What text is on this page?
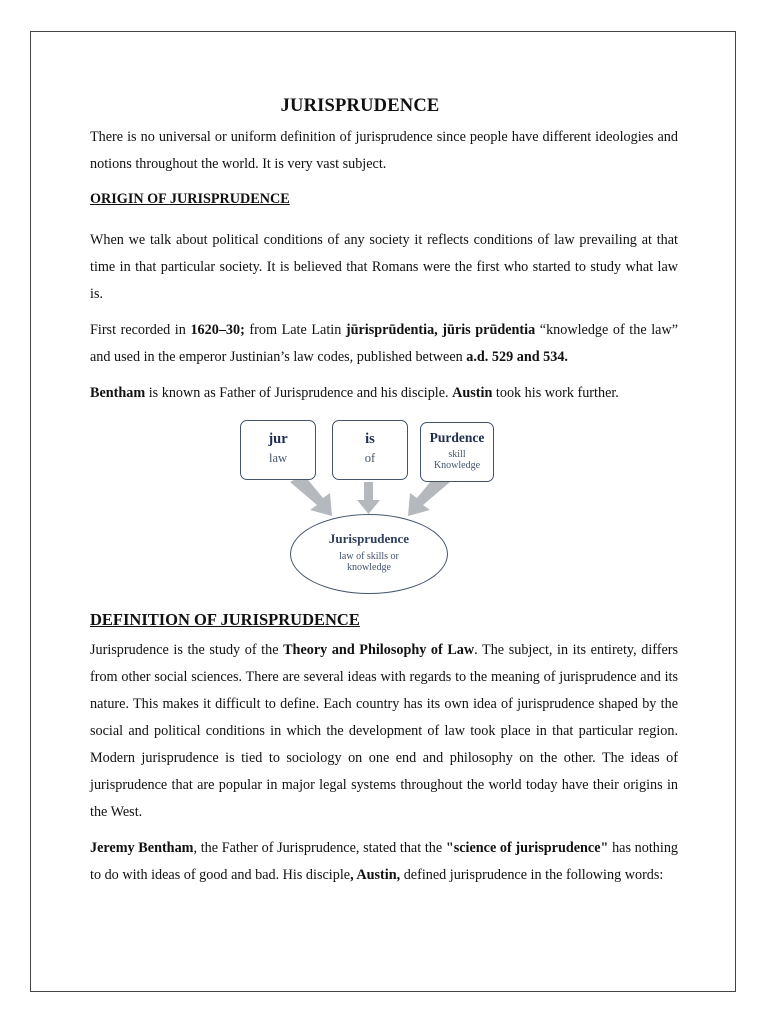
JURISPRUDENCE
There is no universal or uniform definition of jurisprudence since people have different ideologies and notions throughout the world. It is very vast subject.
ORIGIN OF JURISPRUDENCE
When we talk about political conditions of any society it reflects conditions of law prevailing at that time in that particular society. It is believed that Romans were the first who started to study what law is.
First recorded in 1620–30; from Late Latin jūrisprūdentia, jūris prūdentia “knowledge of the law” and used in the emperor Justinian’s law codes, published between a.d. 529 and 534.
Bentham is known as Father of Jurisprudence and his disciple. Austin took his work further.
jur
law
is
of
Purdence
skill
Knowledge
Jurisprudence
law of skills or
knowledge
DEFINITION OF JURISPRUDENCE
Jurisprudence is the study of the Theory and Philosophy of Law. The subject, in its entirety, differs from other social sciences. There are several ideas with regards to the meaning of jurisprudence and its nature. This makes it difficult to define. Each country has its own idea of jurisprudence shaped by the social and political conditions in which the development of law took place in that particular region. Modern jurisprudence is tied to sociology on one end and philosophy on the other. The ideas of jurisprudence that are popular in major legal systems throughout the world today have their origins in the West.
Jeremy Bentham, the Father of Jurisprudence, stated that the "science of jurisprudence" has nothing to do with ideas of good and bad. His disciple, Austin, defined jurisprudence in the following words:
